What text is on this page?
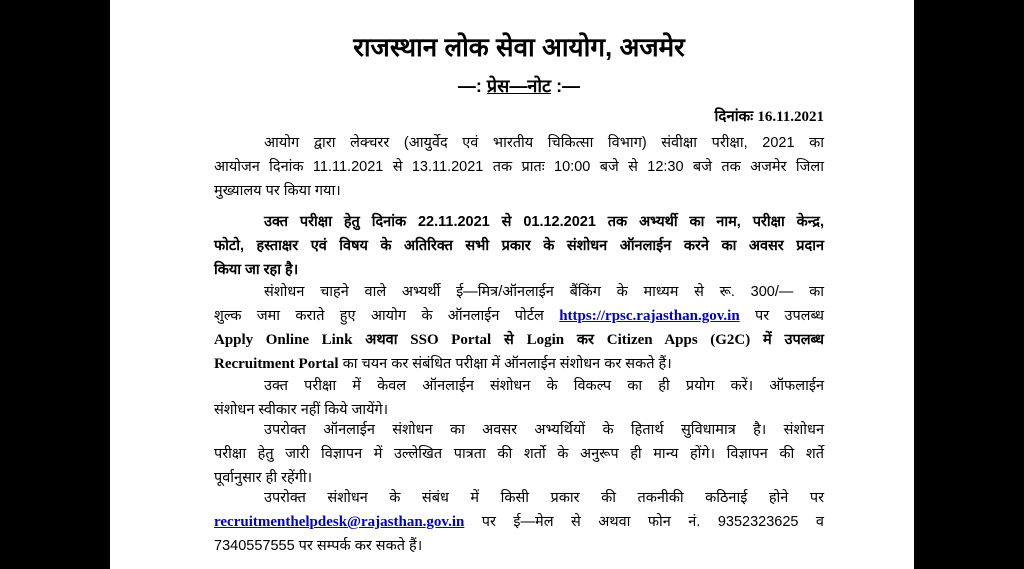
राजस्थान लोक सेवा आयोग, अजमेर
—: प्रेस—नोट :—
दिनांकः 16.11.2021
आयोग द्वारा लेक्चरर (आयुर्वेद एवं भारतीय चिकित्सा विभाग) संवीक्षा परीक्षा, 2021 का
आयोजन दिनांक 11.11.2021 से 13.11.2021 तक प्रातः 10:00 बजे से 12:30 बजे तक अजमेर जिला
मुख्यालय पर किया गया।
उक्त परीक्षा हेतु दिनांक 22.11.2021 से 01.12.2021 तक अभ्यर्थी का नाम, परीक्षा केन्द्र,
फोटो, हस्ताक्षर एवं विषय के अतिरिक्त सभी प्रकार के संशोधन ऑनलाईन करने का अवसर प्रदान
किया जा रहा है।
संशोधन चाहने वाले अभ्यर्थी ई—मित्र/ऑनलाईन बैंकिंग के माध्यम से रू. 300/— का
शुल्क जमा कराते हुए आयोग के ऑनलाईन पोर्टल https://rpsc.rajasthan.gov.in पर उपलब्ध
Apply Online Link अथवा SSO Portal से Login कर Citizen Apps (G2C) में उपलब्ध
Recruitment Portal का चयन कर संबंधित परीक्षा में ऑनलाईन संशोधन कर सकते हैं।
उक्त परीक्षा में केवल ऑनलाईन संशोधन के विकल्प का ही प्रयोग करें। ऑफलाईन
संशोधन स्वीकार नहीं किये जायेंगे।
उपरोक्त ऑनलाईन संशोधन का अवसर अभ्यर्थियों के हितार्थ सुविधामात्र है। संशोधन
परीक्षा हेतु जारी विज्ञापन में उल्लेखित पात्रता की शर्तो के अनुरूप ही मान्य होंगे। विज्ञापन की शर्ते
पूर्वानुसार ही रहेंगी।
उपरोक्त संशोधन के संबंध में किसी प्रकार की तकनीकी कठिनाई होने पर
recruitmenthelpdesk@rajasthan.gov.in पर ई—मेल से अथवा फोन नं. 9352323625 व
7340557555 पर सम्पर्क कर सकते हैं।
